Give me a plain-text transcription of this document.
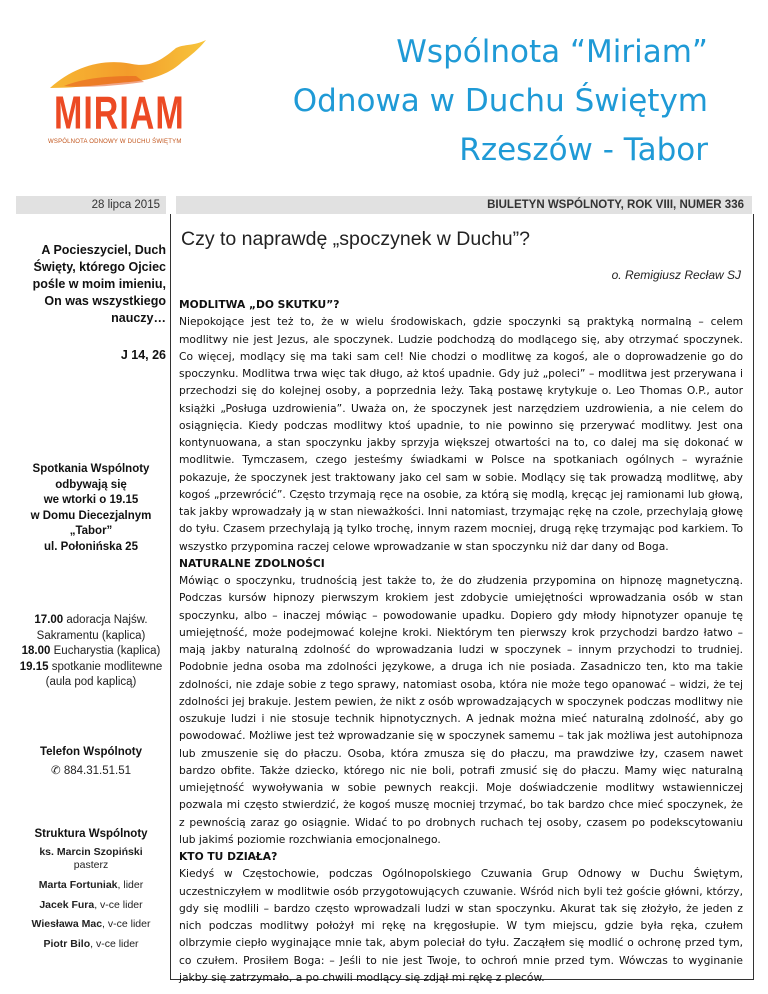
MIRIAM
WSPÓLNOTA ODNOWY W DUCHU ŚWIĘTYM
Wspólnota “Miriam”
Odnowa w Duchu Świętym
Rzeszów - Tabor
28 lipca 2015	BIULETYN WSPÓLNOTY, ROK VIII, NUMER 336
A Pocieszyciel, Duch Święty, którego Ojciec pośle w moim imieniu, On was wszystkiego nauczy…
J 14, 26
Spotkania Wspólnoty
odbywają się
we wtorki o 19.15
w Domu Diecezjalnym
„Tabor”
ul. Połonińska 25
17.00 adoracja Najśw. Sakramentu (kaplica)
18.00 Eucharystia (kaplica)
19.15 spotkanie modlitewne (aula pod kaplicą)
Telefon Wspólnoty
✆ 884.31.51.51
Struktura Wspólnoty
ks. Marcin Szopiński
pasterz
Marta Fortuniak, lider
Jacek Fura, v-ce lider
Wiesława Mac, v-ce lider
Piotr Bilo, v-ce lider
Czy to naprawdę „spoczynek w Duchu”?
o. Remigiusz Recław SJ
MODLITWA „DO SKUTKU”?

Niepokojące jest też to, że w wielu środowiskach, gdzie spoczynki są praktyką normalną – celem modlitwy nie jest Jezus, ale spoczynek. Ludzie podchodzą do modlącego się, aby otrzymać spoczynek. Co więcej, modlący się ma taki sam cel! Nie chodzi o modlitwę za kogoś, ale o doprowadzenie go do spoczynku. Modlitwa trwa więc tak długo, aż ktoś upadnie. Gdy już „poleci” – modlitwa jest przerywana i przechodzi się do kolejnej osoby, a poprzednia leży. Taką postawę krytykuje o. Leo Thomas O.P., autor książki „Posługa uzdrowienia”. Uważa on, że spoczynek jest narzędziem uzdrowienia, a nie celem do osiągnięcia. Kiedy podczas modlitwy ktoś upadnie, to nie powinno się przerywać modlitwy. Jest ona kontynuowana, a stan spoczynku jakby sprzyja większej otwartości na to, co dalej ma się dokonać w modlitwie. Tymczasem, czego jesteśmy świadkami w Polsce na spotkaniach ogólnych – wyraźnie pokazuje, że spoczynek jest traktowany jako cel sam w sobie. Modlący się tak prowadzą modlitwę, aby kogoś „przewrócić”. Często trzymają ręce na osobie, za którą się modlą, kręcąc jej ramionami lub głową, tak jakby wprowadzały ją w stan nieważkości. Inni natomiast, trzymając rękę na czole, przechylają głowę do tyłu. Czasem przechylają ją tylko trochę, innym razem mocniej, drugą rękę trzymając pod karkiem. To wszystko przypomina raczej celowe wprowadzanie w stan spoczynku niż dar dany od Boga.

NATURALNE ZDOLNOŚCI

Mówiąc o spoczynku, trudnością jest także to, że do złudzenia przypomina on hipnozę magnetyczną. Podczas kursów hipnozy pierwszym krokiem jest zdobycie umiejętności wprowadzania osób w stan spoczynku, albo – inaczej mówiąc – powodowanie upadku. Dopiero gdy młody hipnotyzer opanuje tę umiejętność, może podejmować kolejne kroki. Niektórym ten pierwszy krok przychodzi bardzo łatwo – mają jakby naturalną zdolność do wprowadzania ludzi w spoczynek – innym przychodzi to trudniej. Podobnie jedna osoba ma zdolności językowe, a druga ich nie posiada. Zasadniczo ten, kto ma takie zdolności, nie zdaje sobie z tego sprawy, natomiast osoba, która nie może tego opanować – widzi, że tej zdolności jej brakuje. Jestem pewien, że nikt z osób wprowadzających w spoczynek podczas modlitwy nie oszukuje ludzi i nie stosuje technik hipnotycznych. A jednak można mieć naturalną zdolność, aby go powodować. Możliwe jest też wprowadzanie się w spoczynek samemu – tak jak możliwa jest autohipnoza lub zmuszenie się do płaczu. Osoba, która zmusza się do płaczu, ma prawdziwe łzy, czasem nawet bardzo obfite. Także dziecko, którego nic nie boli, potrafi zmusić się do płaczu. Mamy więc naturalną umiejętność wywoływania w sobie pewnych reakcji. Moje doświadczenie modlitwy wstawienniczej pozwala mi często stwierdzić, że kogoś muszę mocniej trzymać, bo tak bardzo chce mieć spoczynek, że z pewnością zaraz go osiągnie. Widać to po drobnych ruchach tej osoby, czasem po podekscytowaniu lub jakimś poziomie rozchwiania emocjonalnego.

KTO TU DZIAŁA?

Kiedyś w Częstochowie, podczas Ogólnopolskiego Czuwania Grup Odnowy w Duchu Świętym, uczestniczyłem w modlitwie osób przygotowujących czuwanie. Wśród nich byli też goście główni, którzy, gdy się modlili – bardzo często wprowadzali ludzi w stan spoczynku. Akurat tak się złożyło, że jeden z nich podczas modlitwy położył mi rękę na kręgosłupie. W tym miejscu, gdzie była ręka, czułem olbrzymie ciepło wyginające mnie tak, abym poleciał do tyłu. Zacząłem się modlić o ochronę przed tym, co czułem. Prosiłem Boga: – Jeśli to nie jest Twoje, to ochroń mnie przed tym. Wówczas to wyginanie jakby się zatrzymało, a po chwili modlący się zdjął mi rękę z pleców.
